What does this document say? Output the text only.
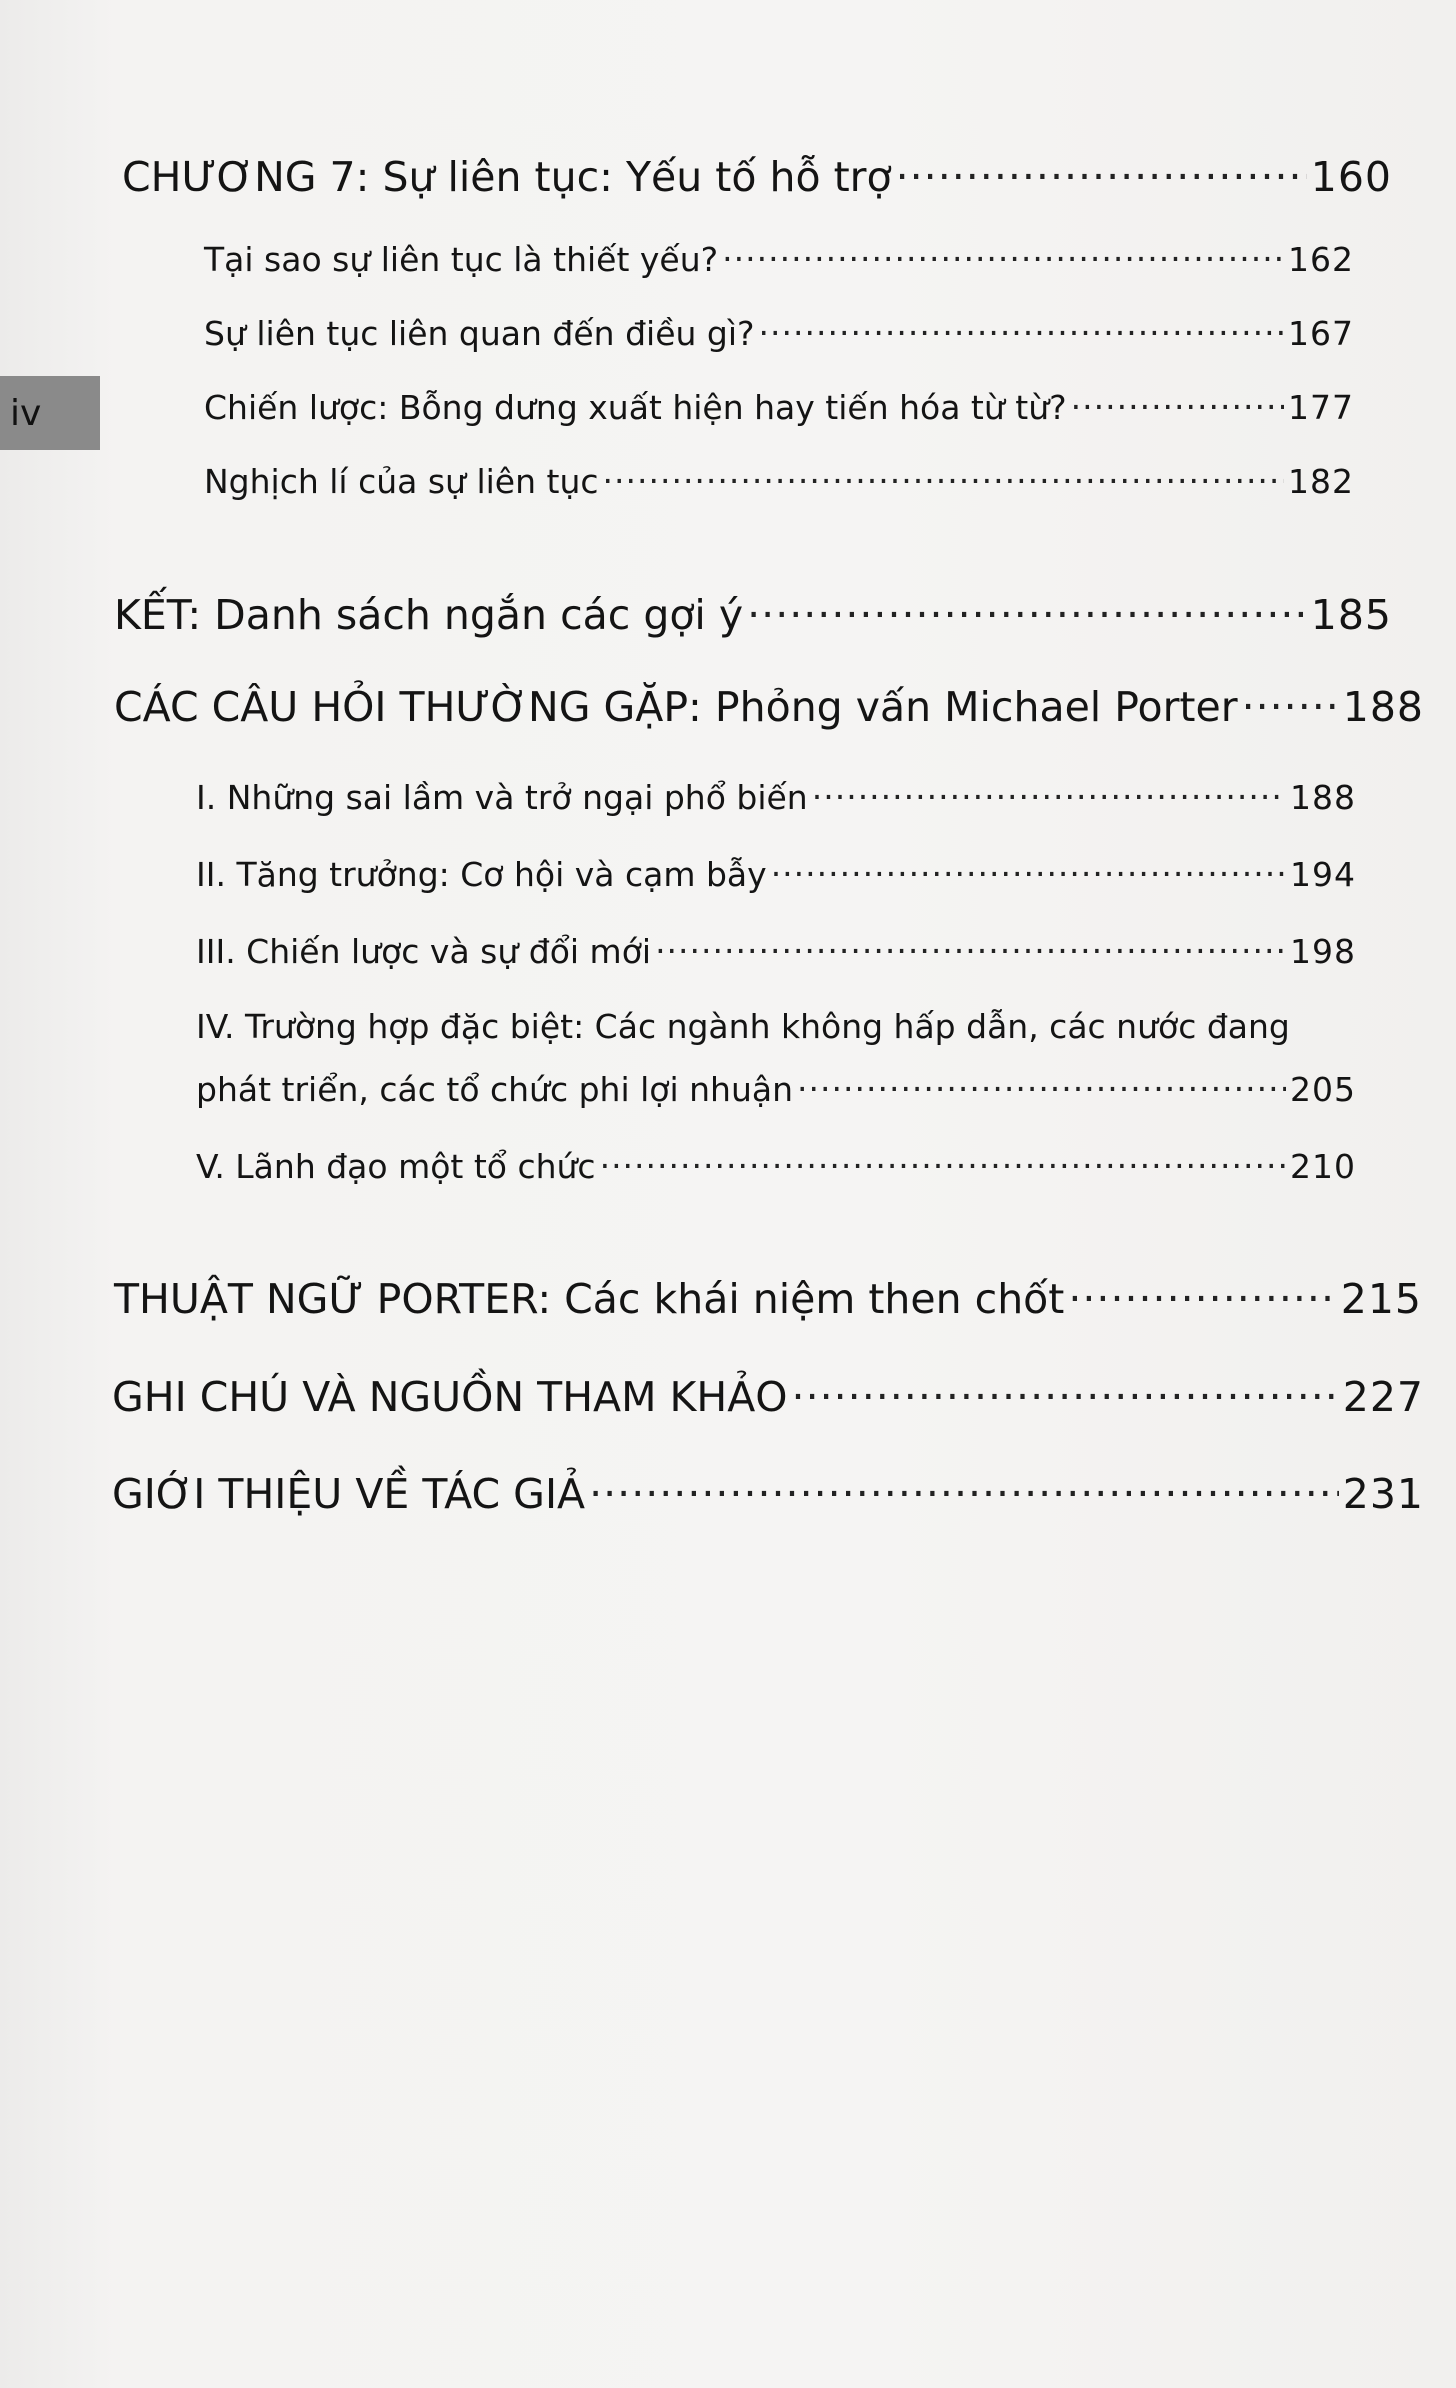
iv
CHƯƠNG 7: Sự liên tục: Yếu tố hỗ trợ .....	160
Tại sao sự liên tục là thiết yếu? .....	162
Sự liên tục liên quan đến điều gì? .....	167
Chiến lược: Bỗng dưng xuất hiện hay tiến hóa từ từ? .....	177
Nghịch lí của sự liên tục .....	182
KẾT: Danh sách ngắn các gợi ý .....	185
CÁC CÂU HỎI THƯỜNG GẶP: Phỏng vấn Michael Porter .....	188
I. Những sai lầm và trở ngại phổ biến .....	188
II. Tăng trưởng: Cơ hội và cạm bẫy .....	194
III. Chiến lược và sự đổi mới .....	198
IV. Trường hợp đặc biệt: Các ngành không hấp dẫn, các nước đang
phát triển, các tổ chức phi lợi nhuận .....	205
V. Lãnh đạo một tổ chức .....	210
THUẬT NGỮ PORTER: Các khái niệm then chốt .....	215
GHI CHÚ VÀ NGUỒN THAM KHẢO .....	227
GIỚI THIỆU VỀ TÁC GIẢ .....	231
